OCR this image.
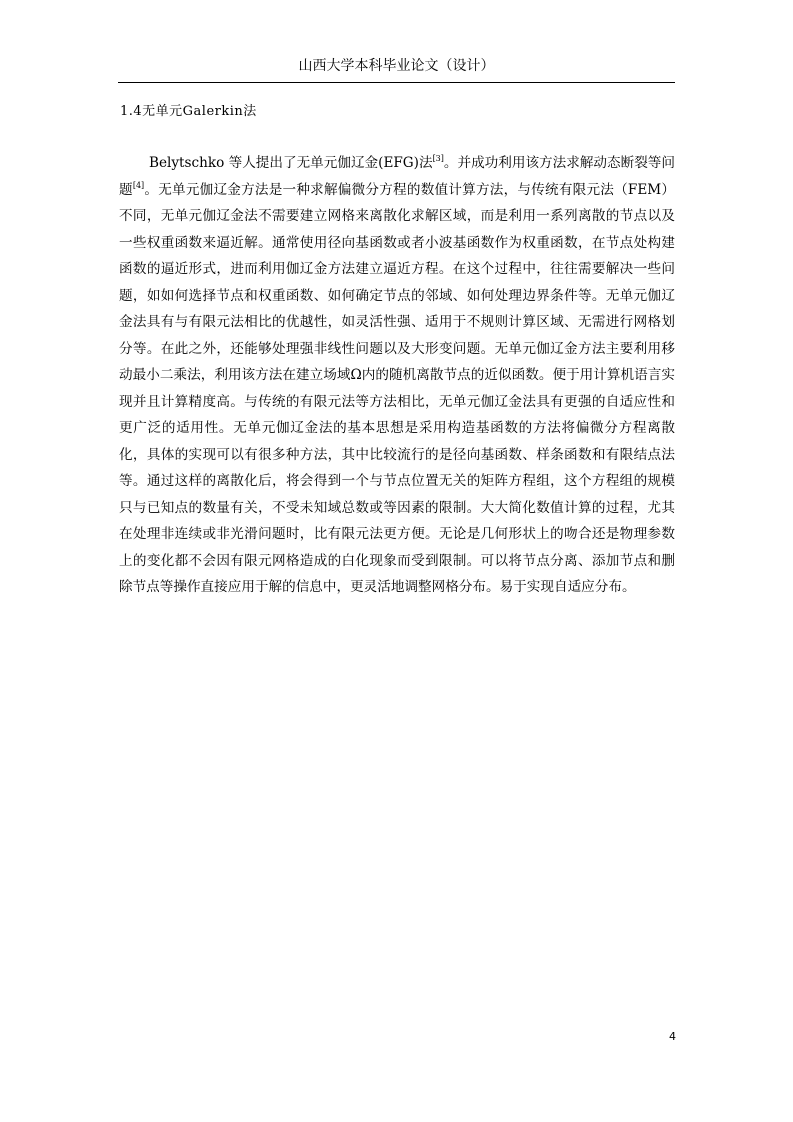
山西大学本科毕业论文（设计）
1.4无单元Galerkin法

Belytschko 等人提出了无单元伽辽金(EFG)法[3]。并成功利用该方法求解动态断裂等问题[4]。无单元伽辽金方法是一种求解偏微分方程的数值计算方法，与传统有限元法（FEM）不同，无单元伽辽金法不需要建立网格来离散化求解区域，而是利用一系列离散的节点以及一些权重函数来逼近解。通常使用径向基函数或者小波基函数作为权重函数，在节点处构建函数的逼近形式，进而利用伽辽金方法建立逼近方程。在这个过程中，往往需要解决一些问题，如如何选择节点和权重函数、如何确定节点的邻域、如何处理边界条件等。无单元伽辽金法具有与有限元法相比的优越性，如灵活性强、适用于不规则计算区域、无需进行网格划分等。在此之外，还能够处理强非线性问题以及大形变问题。无单元伽辽金方法主要利用移动最小二乘法，利用该方法在建立场域Ω内的随机离散节点的近似函数。便于用计算机语言实现并且计算精度高。与传统的有限元法等方法相比，无单元伽辽金法具有更强的自适应性和更广泛的适用性。无单元伽辽金法的基本思想是采用构造基函数的方法将偏微分方程离散化，具体的实现可以有很多种方法，其中比较流行的是径向基函数、样条函数和有限结点法等。通过这样的离散化后，将会得到一个与节点位置无关的矩阵方程组，这个方程组的规模只与已知点的数量有关，不受未知域总数或等因素的限制。大大简化数值计算的过程，尤其在处理非连续或非光滑问题时，比有限元法更方便。无论是几何形状上的吻合还是物理参数上的变化都不会因有限元网格造成的白化现象而受到限制。可以将节点分离、添加节点和删除节点等操作直接应用于解的信息中，更灵活地调整网格分布。易于实现自适应分布。

4
